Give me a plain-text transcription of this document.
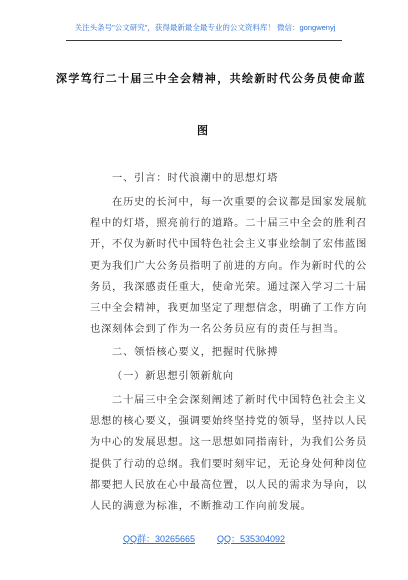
关注头条号"公文研究"，获得最新最全最专业的公文资料库！ 微信：gongwenyj
深学笃行二十届三中全会精神，共绘新时代公务员使命蓝
图
一、引言：时代浪潮中的思想灯塔
在历史的长河中，每一次重要的会议都是国家发展航
程中的灯塔，照亮前行的道路。二十届三中全会的胜利召
开，不仅为新时代中国特色社会主义事业绘制了宏伟蓝图
更为我们广大公务员指明了前进的方向。作为新时代的公
务员，我深感责任重大，使命光荣。通过深入学习二十届
三中全会精神，我更加坚定了理想信念，明确了工作方向
也深刻体会到了作为一名公务员应有的责任与担当。
二、领悟核心要义，把握时代脉搏
（一）新思想引领新航向
二十届三中全会深刻阐述了新时代中国特色社会主义
思想的核心要义，强调要始终坚持党的领导，坚持以人民
为中心的发展思想。这一思想如同指南针，为我们公务员
提供了行动的总纲。我们要时刻牢记，无论身处何种岗位
都要把人民放在心中最高位置，以人民的需求为导向，以
人民的满意为标准，不断推动工作向前发展。
QQ群：30265665 QQ：535304092
